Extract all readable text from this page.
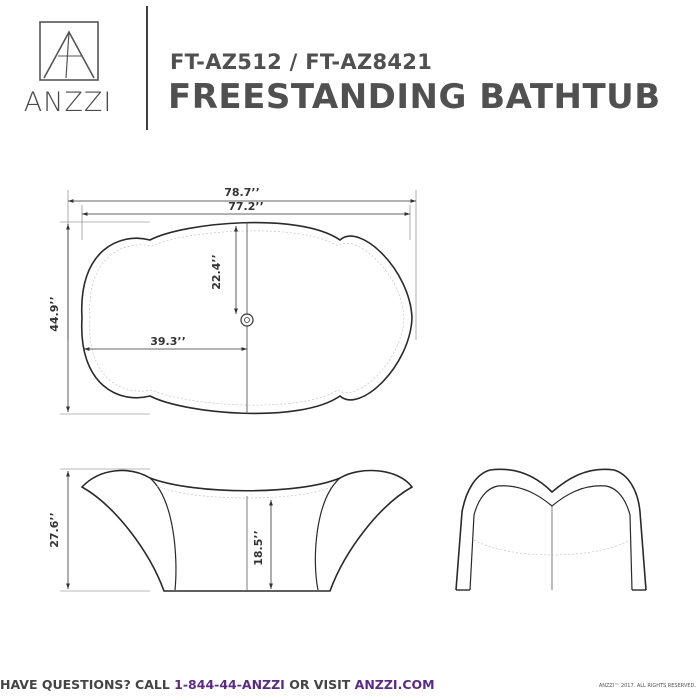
ANZZI
FT-AZ512 / FT-AZ8421
FREESTANDING BATHTUB
78.7’’
77.2’’
22.4’’
44.9’’
39.3’’
27.6’’
18.5’’
HAVE QUESTIONS? CALL 1-844-44-ANZZI OR VISIT ANZZI.COM	ANZZI™ 2017. ALL RIGHTS RESERVED.
